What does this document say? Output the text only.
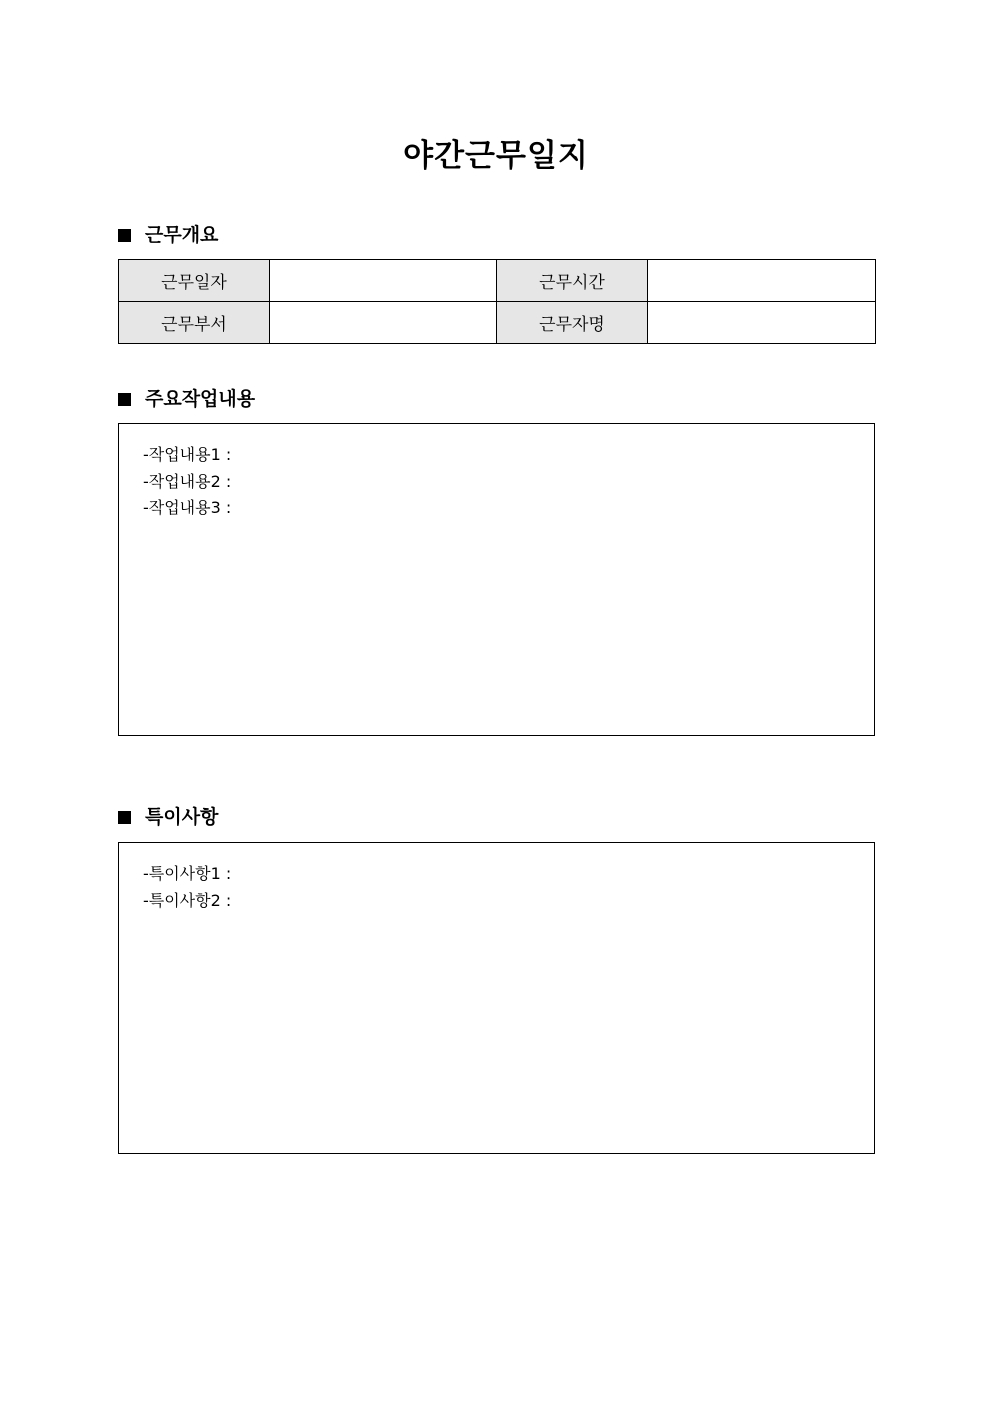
야간근무일지
근무개요
근무일자		근무시간	
근무부서		근무자명	
주요작업내용
-작업내용1 :
-작업내용2 :
-작업내용3 :
특이사항
-특이사항1 :
-특이사항2 :
